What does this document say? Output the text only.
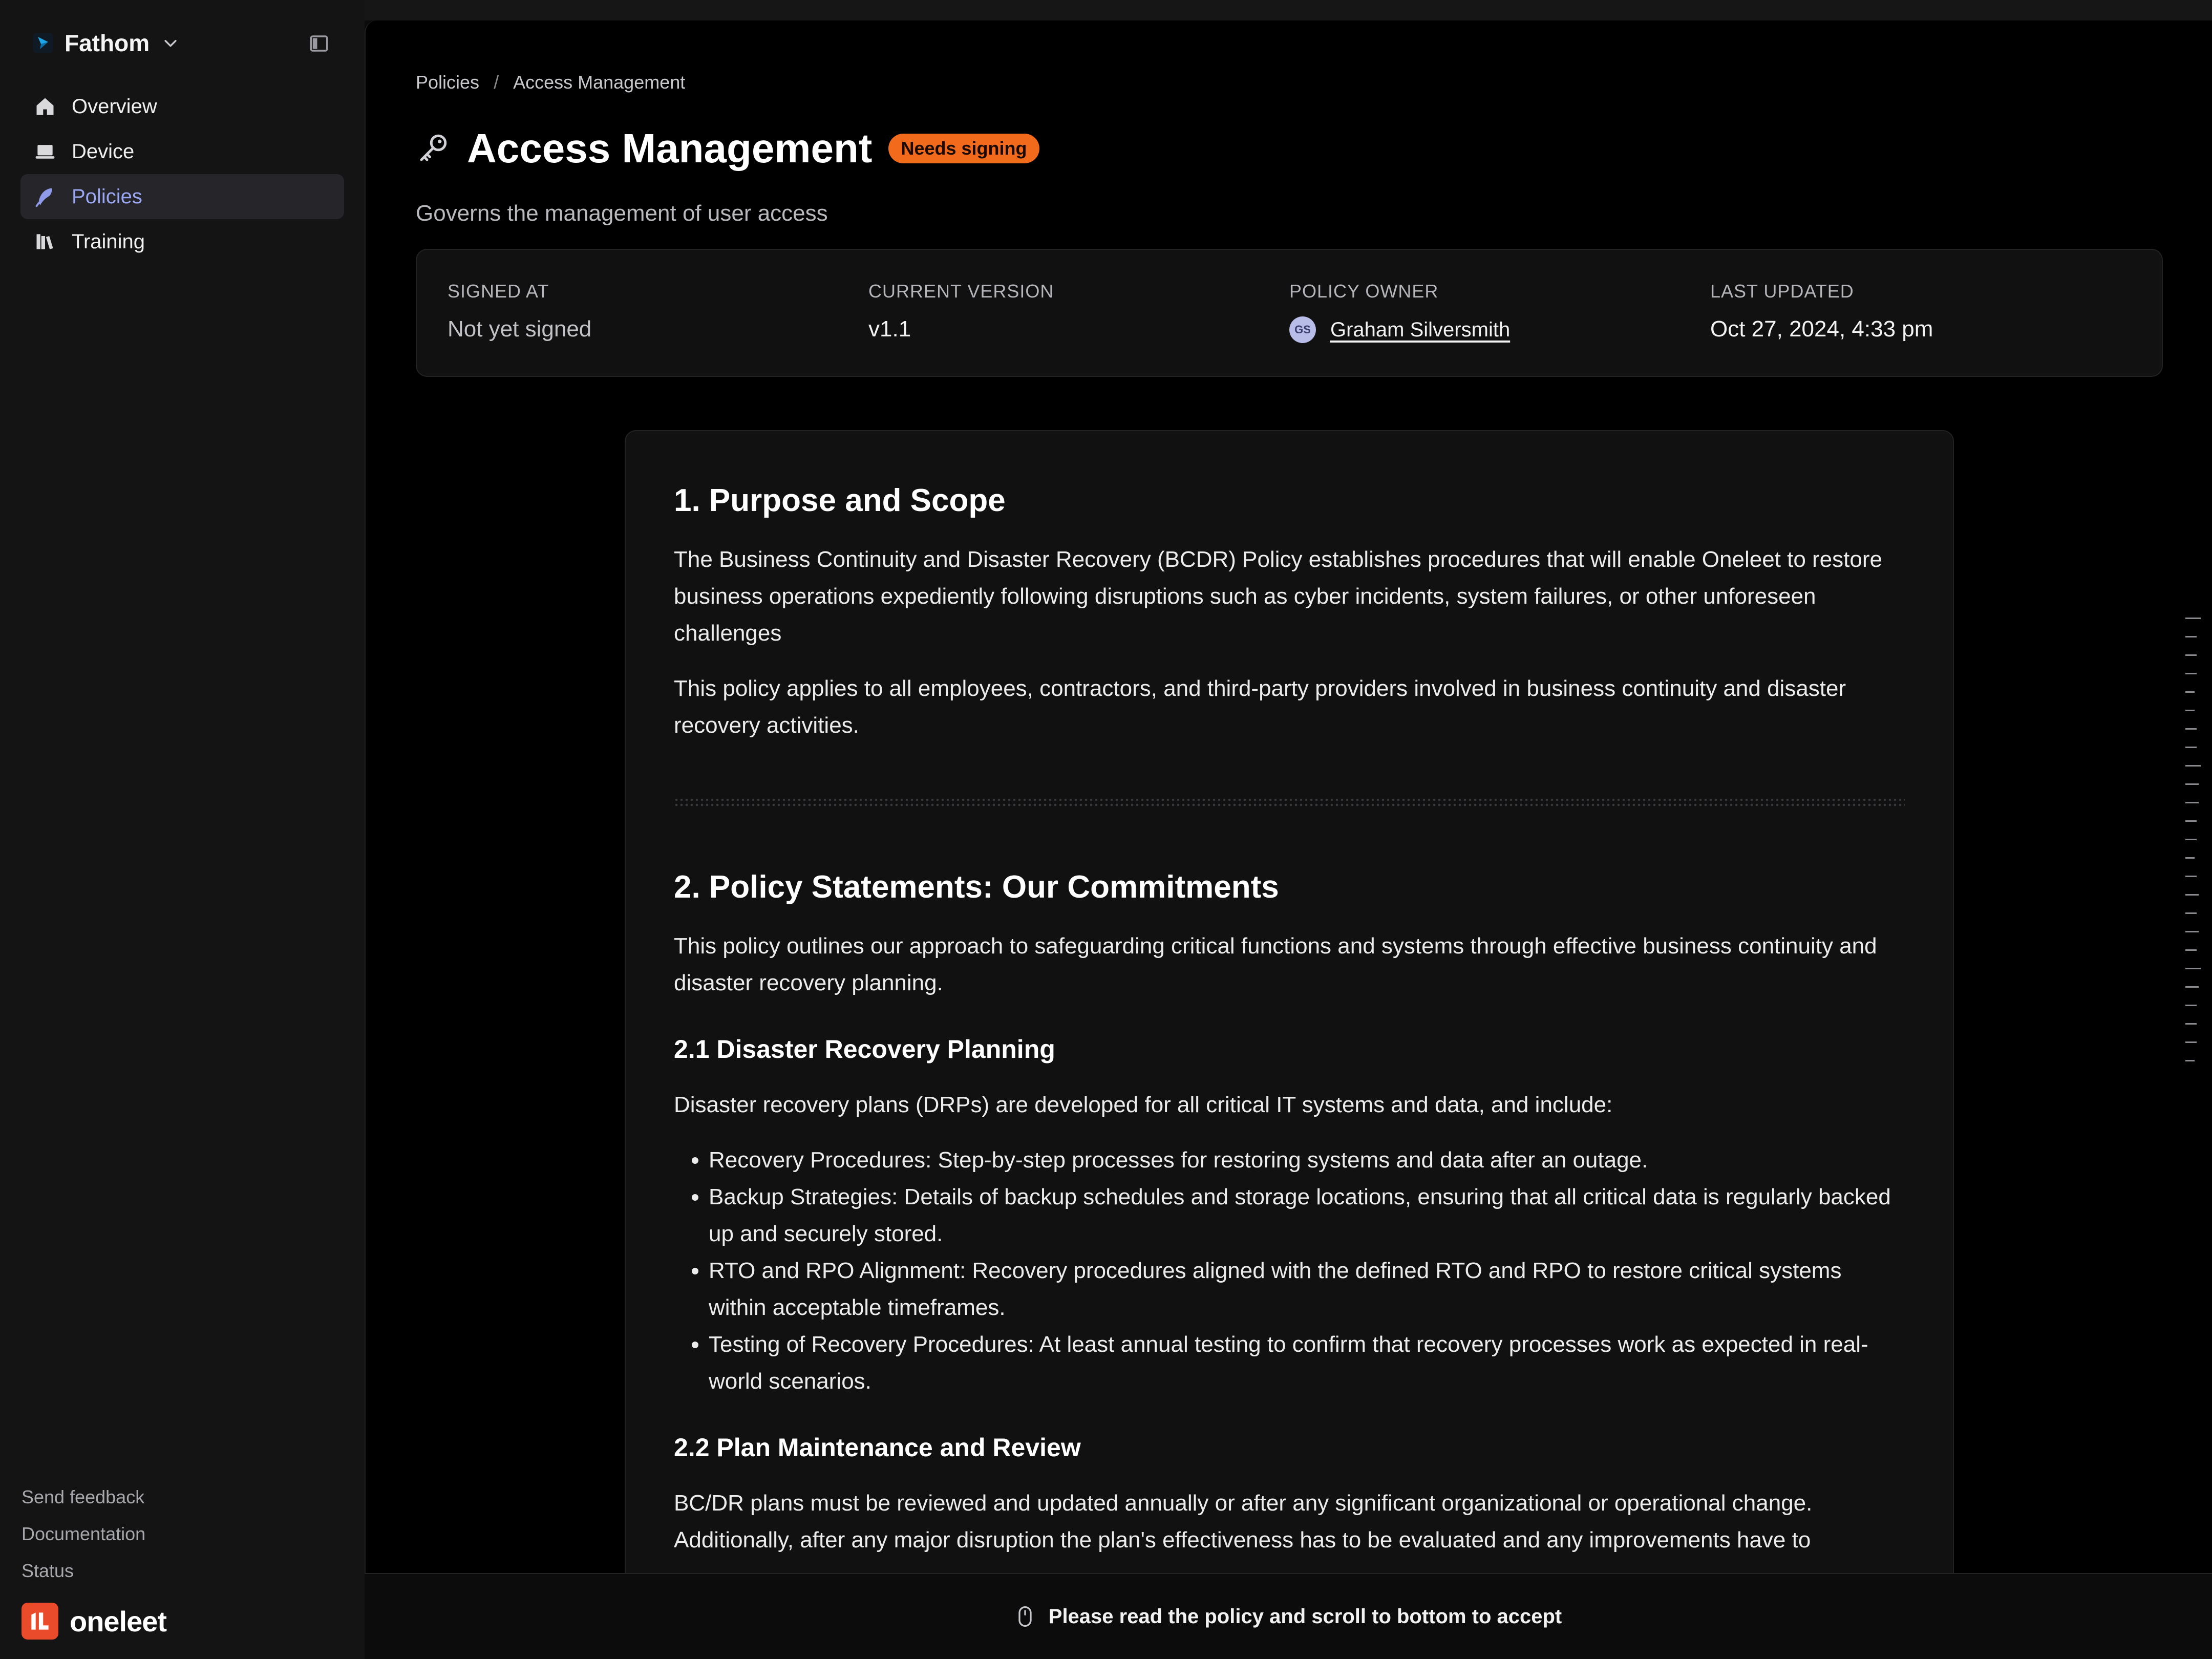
Fathom
Overview
Device
Policies
Training
Send feedback
Documentation
Status
oneleet
Policies / Access Management
Access Management	Needs signing
Governs the management of user access
SIGNED AT
Not yet signed
CURRENT VERSION
v1.1
POLICY OWNER
GS Graham Silversmith
LAST UPDATED
Oct 27, 2024, 4:33 pm
1. Purpose and Scope

The Business Continuity and Disaster Recovery (BCDR) Policy establishes procedures that will enable Oneleet to restore business operations expediently following disruptions such as cyber incidents, system failures, or other unforeseen challenges

This policy applies to all employees, contractors, and third-party providers involved in business continuity and disaster recovery activities.

2. Policy Statements: Our Commitments

This policy outlines our approach to safeguarding critical functions and systems through effective business continuity and disaster recovery planning.

2.1 Disaster Recovery Planning

Disaster recovery plans (DRPs) are developed for all critical IT systems and data, and include:

• Recovery Procedures: Step-by-step processes for restoring systems and data after an outage.
• Backup Strategies: Details of backup schedules and storage locations, ensuring that all critical data is regularly backed up and securely stored.
• RTO and RPO Alignment: Recovery procedures aligned with the defined RTO and RPO to restore critical systems within acceptable timeframes.
• Testing of Recovery Procedures: At least annual testing to confirm that recovery processes work as expected in real-world scenarios.
2.2 Plan Maintenance and Review

BC/DR plans must be reviewed and updated annually or after any significant organizational or operational change. Additionally, after any major disruption the plan's effectiveness has to be evaluated and any improvements have to

Please read the policy and scroll to bottom to accept
